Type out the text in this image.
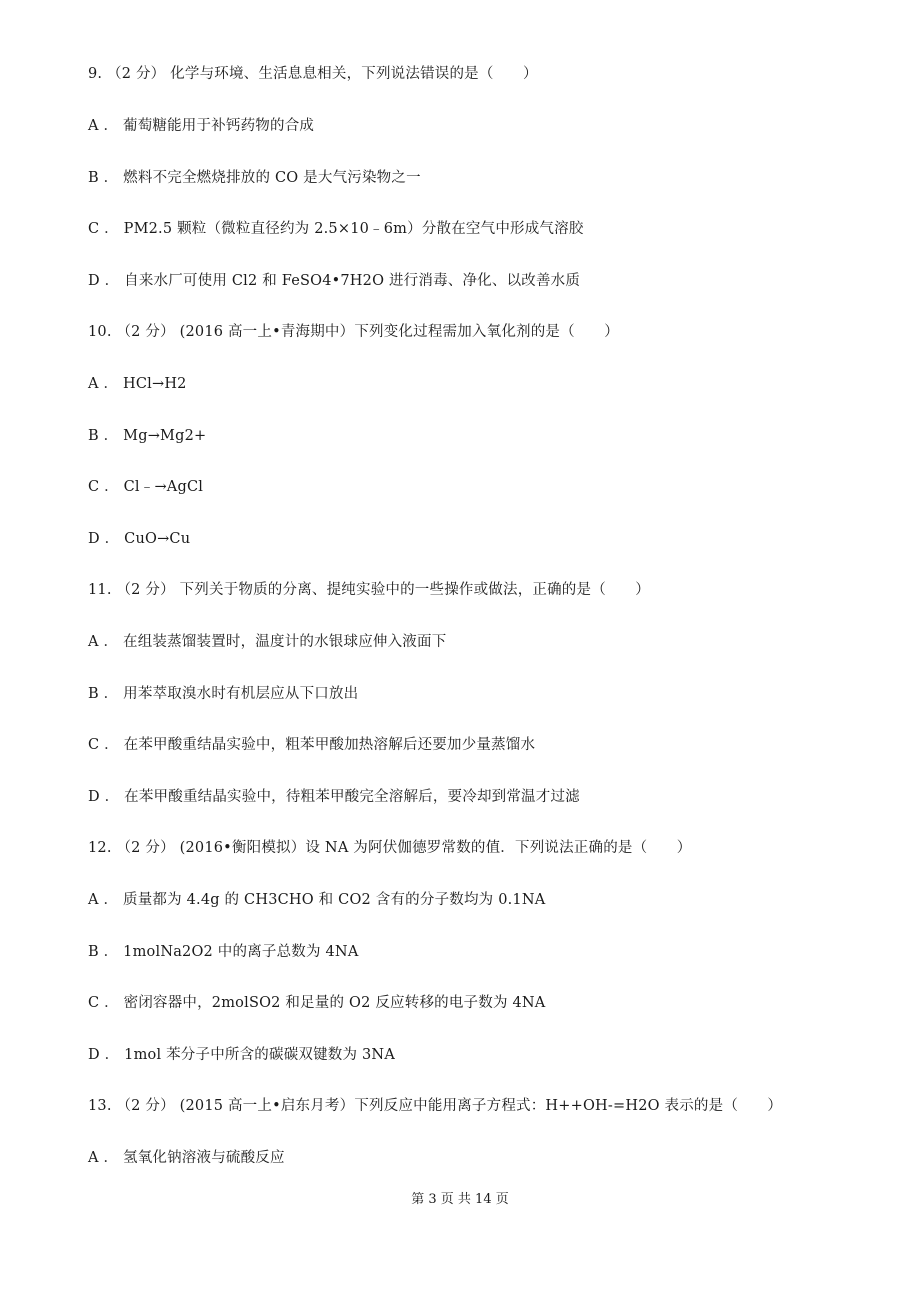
9. （2 分） 化学与环境、生活息息相关，下列说法错误的是（　　）
A ． 葡萄糖能用于补钙药物的合成
B ． 燃料不完全燃烧排放的 CO 是大气污染物之一
C ． PM2.5 颗粒（微粒直径约为 2.5×10﹣6m）分散在空气中形成气溶胶
D ． 自来水厂可使用 Cl2 和 FeSO4•7H2O 进行消毒、净化、以改善水质
10. （2 分） (2016 高一上•青海期中）下列变化过程需加入氧化剂的是（　　）
A ． HCl→H2
B ． Mg→Mg2+
C ． Cl﹣→AgCl
D ． CuO→Cu
11. （2 分） 下列关于物质的分离、提纯实验中的一些操作或做法，正确的是（　　）
A ． 在组装蒸馏装置时，温度计的水银球应伸入液面下
B ． 用苯萃取溴水时有机层应从下口放出
C ． 在苯甲酸重结晶实验中，粗苯甲酸加热溶解后还要加少量蒸馏水
D ． 在苯甲酸重结晶实验中，待粗苯甲酸完全溶解后，要冷却到常温才过滤
12. （2 分） (2016•衡阳模拟）设 NA 为阿伏伽德罗常数的值．下列说法正确的是（　　）
A ． 质量都为 4.4g 的 CH3CHO 和 CO2 含有的分子数均为 0.1NA
B ． 1molNa2O2 中的离子总数为 4NA
C ． 密闭容器中，2molSO2 和足量的 O2 反应转移的电子数为 4NA
D ． 1mol 苯分子中所含的碳碳双键数为 3NA
13. （2 分） (2015 高一上•启东月考）下列反应中能用离子方程式：H++OH-=H2O 表示的是（　　）
A ． 氢氧化钠溶液与硫酸反应
第 3 页 共 14 页
